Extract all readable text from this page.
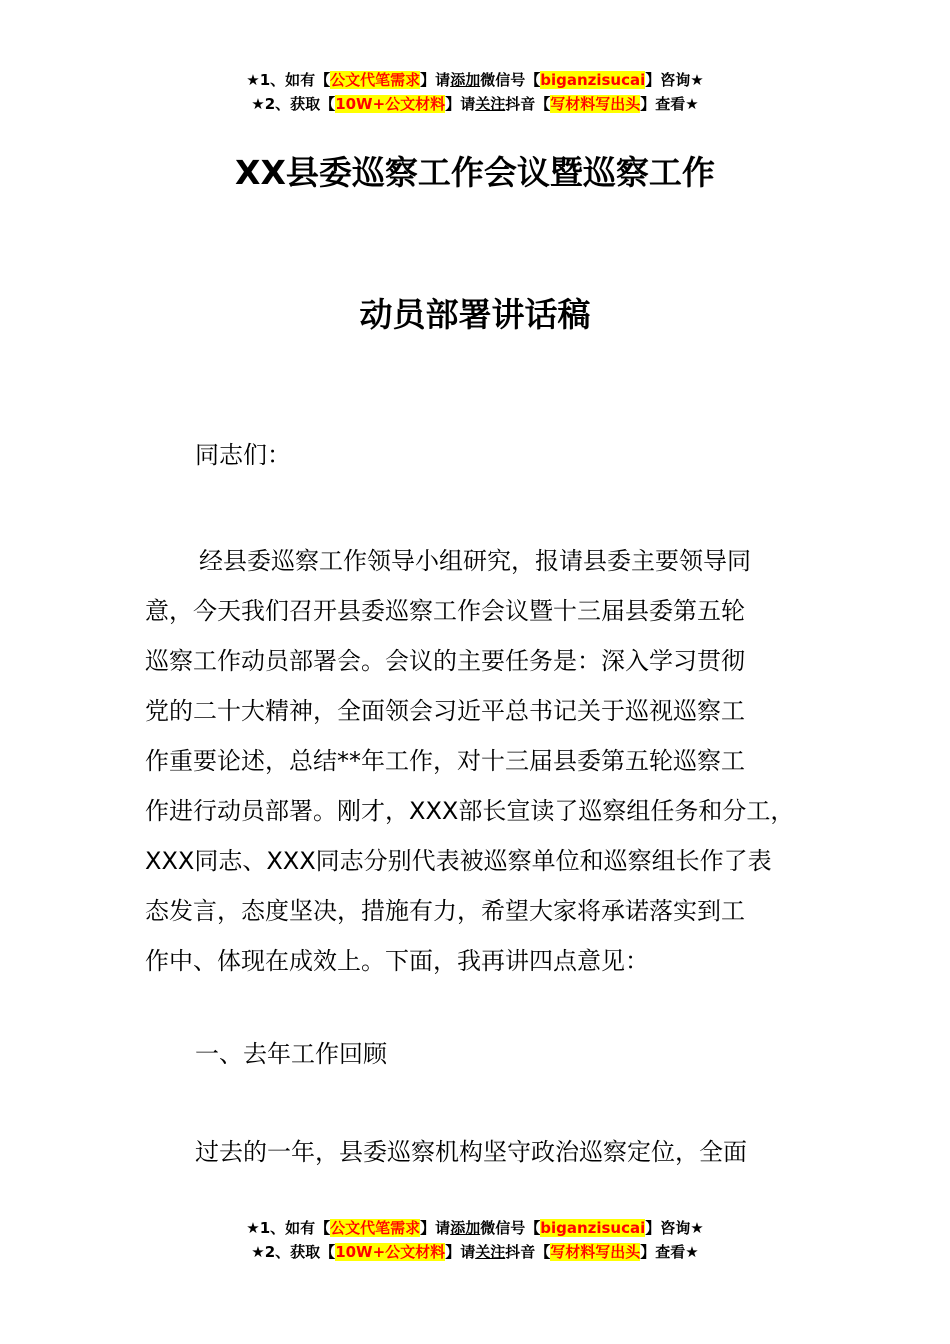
★1、如有【公文代笔需求】请添加微信号【biganzisucai】咨询★
★2、获取【10W+公文材料】请关注抖音【写材料写出头】查看★
XX县委巡察工作会议暨巡察工作
动员部署讲话稿
同志们：
经县委巡察工作领导小组研究，报请县委主要领导同
意，今天我们召开县委巡察工作会议暨十三届县委第五轮
巡察工作动员部署会。会议的主要任务是：深入学习贯彻
党的二十大精神，全面领会习近平总书记关于巡视巡察工
作重要论述，总结**年工作，对十三届县委第五轮巡察工
作进行动员部署。刚才，XXX部长宣读了巡察组任务和分工，
XXX同志、XXX同志分别代表被巡察单位和巡察组长作了表
态发言，态度坚决，措施有力，希望大家将承诺落实到工
作中、体现在成效上。下面，我再讲四点意见：
一、去年工作回顾
过去的一年，县委巡察机构坚守政治巡察定位，全面
★1、如有【公文代笔需求】请添加微信号【biganzisucai】咨询★
★2、获取【10W+公文材料】请关注抖音【写材料写出头】查看★
